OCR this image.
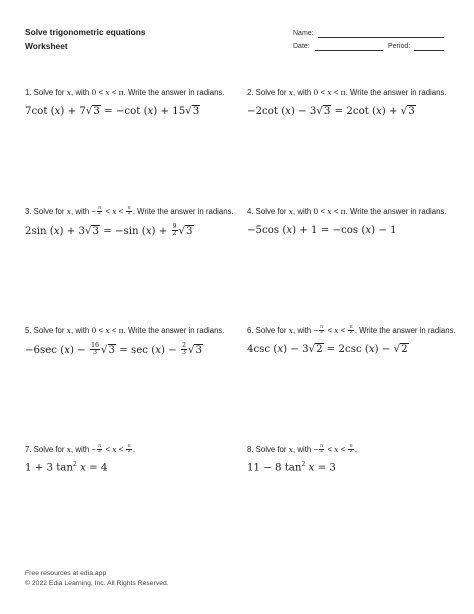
Solve trigonometric equations
Worksheet
Name:
Date:	Period:

1. Solve for x, with 0 < x < π. Write the answer in radians.

7cot (x) + 7√3 = −cot (x) + 15√3

2. Solve for x, with 0 < x < π. Write the answer in radians.

−2cot (x) − 3√3 = 2cot (x) + √3

3. Solve for x, with − $\frac{\pi}{2} < x < \frac{\pi}{2}$ . Write the answer in radians.

2sin (x) + 3√3 = −sin $(x) + \frac{9}{2} √3$

4. Solve for x, with 0 < x < π. Write the answer in radians.

−5cos (x) + 1 = −cos (x) − 1

5. Solve for x, with 0 < x < π. Write the answer in radians.

−6sec $(x) - \frac{16}{3} √3 = \sec (x) - \frac{2}{3} √3$

6. Solve for x, with − $\frac{\pi}{2} < x < \frac{\pi}{2}$ . Write the answer in radians.

4csc (x) − 3√2 = 2csc (x) − √2

7. Solve for x, with − $\frac{\pi}{2} < x < \frac{\pi}{2}$ .

1 + 3 $\tan^2 x = 4$

8. Solve for x, with − $\frac{\pi}{2} < x < \frac{\pi}{2}$ .

11 − 8 $\tan^2 x = 3$
Free resources at edia.app
© 2022 Edia Learning, Inc. All Rights Reserved.
